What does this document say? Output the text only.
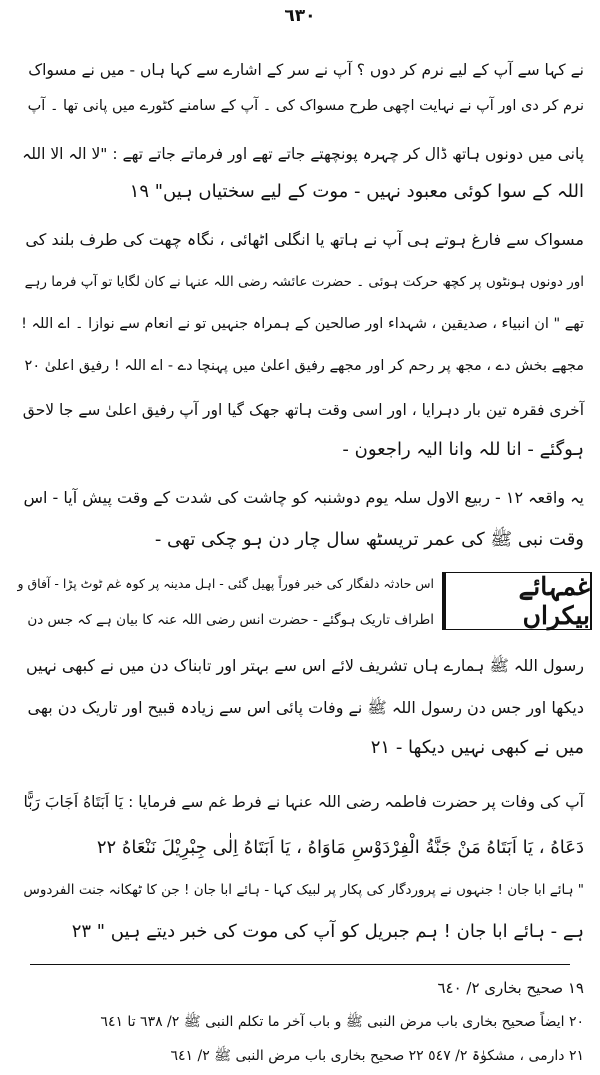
٦٣٠
نے کہا سے آپ کے لیے نرم کر دوں ؟ آپ نے سر کے اشارے سے کہا ہاں - میں نے مسواک
نرم کر دی اور آپ نے نہایت اچھی طرح مسواک کی ۔ آپ کے سامنے کٹورے میں پانی تھا ۔ آپ
پانی میں دونوں ہاتھ ڈال کر چہرہ پونچھتے جاتے تھے اور فرماتے جاتے تھے : "لا الہ الا اللہ
اللہ کے سوا کوئی معبود نہیں - موت کے لیے سختیاں ہیں" ١٩
مسواک سے فارغ ہوتے ہی آپ نے ہاتھ یا انگلی اٹھائی ، نگاہ چھت کی طرف بلند کی
اور دونوں ہونٹوں پر کچھ حرکت ہوئی ۔ حضرت عائشہ رضی اللہ عنہا نے کان لگایا تو آپ فرما رہے
تھے " ان انبیاء ، صدیقین ، شہداء اور صالحین کے ہمراہ جنہیں تو نے انعام سے نوازا ۔ اے اللہ !
مجھے بخش دے ، مجھ پر رحم کر اور مجھے رفیق اعلیٰ میں پہنچا دے - اے اللہ ! رفیق اعلیٰ ٢٠
آخری فقرہ تین بار دہرایا ، اور اسی وقت ہاتھ جھک گیا اور آپ رفیق اعلیٰ سے جا لاحق
ہوگئے - انا للہ وانا الیہ راجعون -
یہ واقعہ ١٢ - ربیع الاول سلہ یوم دوشنبہ کو چاشت کی شدت کے وقت پیش آیا - اس
وقت نبی ﷺ کی عمر تریسٹھ سال چار دن ہو چکی تھی -
غمہائے بیکراں
اس حادثہ دلفگار کی خبر فوراً پھیل گئی - اہل مدینہ پر کوہ غم ٹوٹ پڑا - آفاق و
اطراف تاریک ہوگئے - حضرت انس رضی اللہ عنہ کا بیان ہے کہ جس دن
رسول اللہ ﷺ ہمارے ہاں تشریف لائے اس سے بہتر اور تابناک دن میں نے کبھی نہیں
دیکھا اور جس دن رسول اللہ ﷺ نے وفات پائی اس سے زیادہ قبیح اور تاریک دن بھی
میں نے کبھی نہیں دیکھا - ٢١
آپ کی وفات پر حضرت فاطمہ رضی اللہ عنہا نے فرط غم سے فرمایا : یَا اَبَتَاهُ اَجَابَ رَبًّا
دَعَاهُ ، یَا اَبَتَاهُ مَنْ جَنَّةُ الْفِرْدَوْسِ مَاوَاهُ ، یَا اَبَتَاهُ اِلٰی جِبْرِیْلَ نَنْعَاهُ ٢٢
" ہائے ابا جان ! جنہوں نے پروردگار کی پکار پر لبیک کہا - ہائے ابا جان ! جن کا ٹھکانہ جنت الفردوس
ہے - ہائے ابا جان ! ہم جبریل کو آپ کی موت کی خبر دیتے ہیں " ٢٣
١٩ صحیح بخاری ٢/ ٦٤٠
٢٠ ایضاً صحیح بخاری باب مرض النبی ﷺ و باب آخر ما تکلم النبی ﷺ ٢/ ٦٣٨ تا ٦٤١
٢١ دارمی ، مشکوٰۃ ٢/ ٥٤٧ ٢٢ صحیح بخاری باب مرض النبی ﷺ ٢/ ٦٤١
